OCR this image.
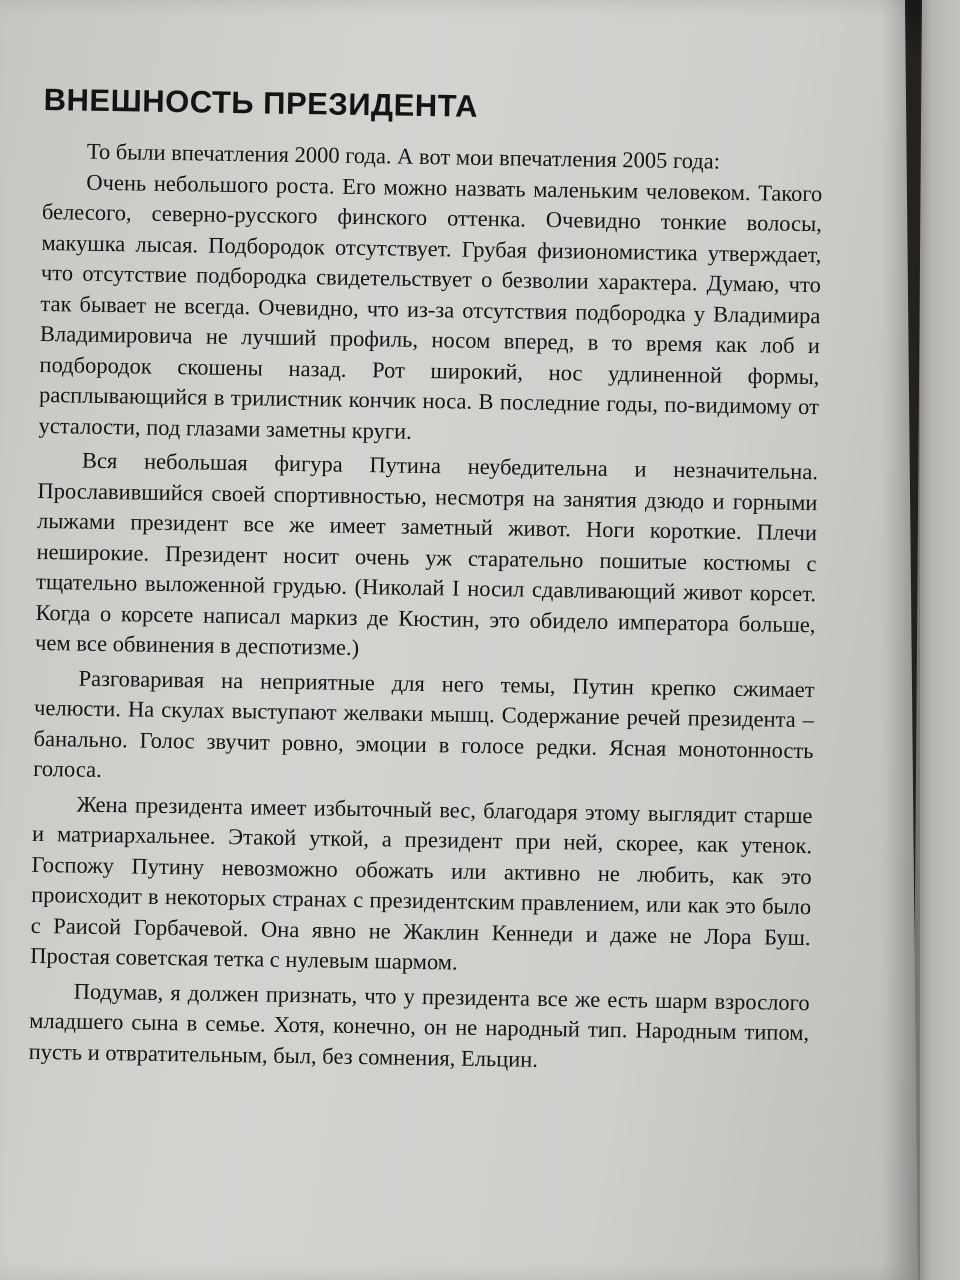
ВНЕШНОСТЬ ПРЕЗИДЕНТА

То были впечатления 2000 года. А вот мои впечатления 2005 года:

Очень небольшого роста. Его можно назвать маленьким человеком. Такого белесого, северно-русского финского оттенка. Очевидно тонкие волосы, макушка лысая. Подбородок отсутствует. Грубая физиономистика утверждает, что отсутствие подбородка свидетельствует о безволии характера. Думаю, что так бывает не всегда. Очевидно, что из-за отсутствия подбородка у Владимира Владимировича не лучший профиль, носом вперед, в то время как лоб и подбородок скошены назад. Рот широкий, нос удлиненной формы, расплывающийся в трилистник кончик носа. В последние годы, по-видимому от усталости, под глазами заметны круги.

Вся небольшая фигура Путина неубедительна и незначительна. Прославившийся своей спортивностью, несмотря на занятия дзюдо и горными лыжами президент все же имеет заметный живот. Ноги короткие. Плечи неширокие. Президент носит очень уж старательно пошитые костюмы с тщательно выложенной грудью. (Николай I носил сдавливающий живот корсет. Когда о корсете написал маркиз де Кюстин, это обидело императора больше, чем все обвинения в деспотизме.)

Разговаривая на неприятные для него темы, Путин крепко сжимает челюсти. На скулах выступают желваки мышц. Содержание речей президента – банально. Голос звучит ровно, эмоции в голосе редки. Ясная монотонность голоса.

Жена президента имеет избыточный вес, благодаря этому выглядит старше и матриархальнее. Этакой уткой, а президент при ней, скорее, как утенок. Госпожу Путину невозможно обожать или активно не любить, как это происходит в некоторых странах с президентским правлением, или как это было с Раисой Горбачевой. Она явно не Жаклин Кеннеди и даже не Лора Буш. Простая советская тетка с нулевым шармом.

Подумав, я должен признать, что у президента все же есть шарм взрослого младшего сына в семье. Хотя, конечно, он не народный тип. Народным типом, пусть и отвратительным, был, без сомнения, Ельцин.
